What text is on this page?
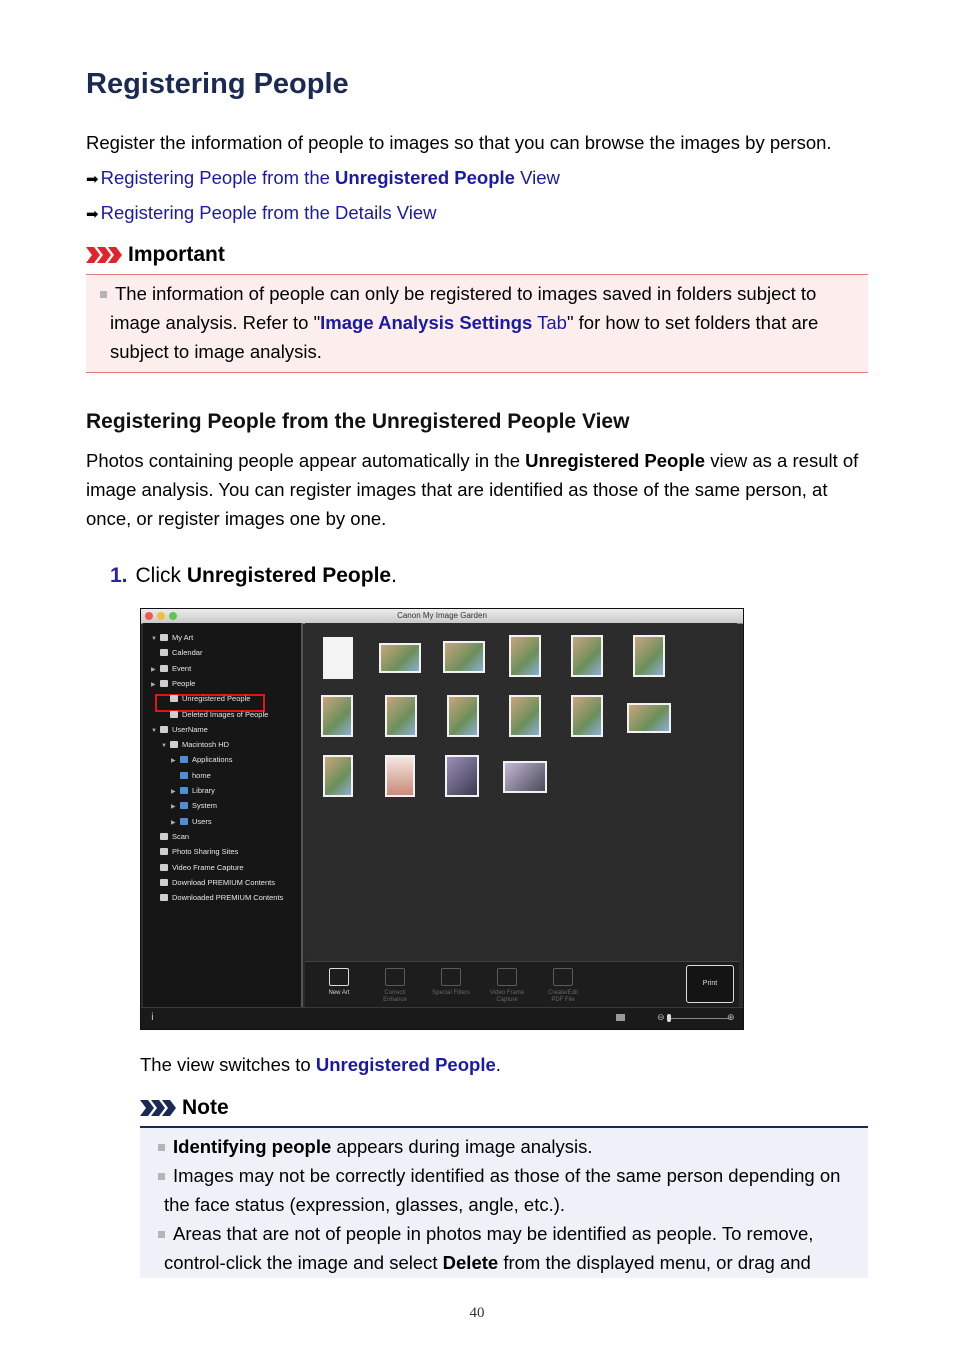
Registering People
Register the information of people to images so that you can browse the images by person.
➡ Registering People from the Unregistered People View
➡ Registering People from the Details View
Important
The information of people can only be registered to images saved in folders subject to image analysis. Refer to "Image Analysis Settings Tab" for how to set folders that are subject to image analysis.
Registering People from the Unregistered People View
Photos containing people appear automatically in the Unregistered People view as a result of image analysis. You can register images that are identified as those of the same person, at once, or register images one by one.
1. Click Unregistered People.
Canon My Image Garden
▼ My Art
Calendar
▶ Event
▶ People
Unregistered People
Deleted Images of People
▼ UserName
▼ Macintosh HD
▶ Applications
home
▶ Library
▶ System
▶ Users
Scan
Photo Sharing Sites
Video Frame Capture
Download PREMIUM Contents
Downloaded PREMIUM Contents
New Art	Correct/ Enhance
Special Filters	Video Frame Capture
Create/Edit PDF File
Print
ⅰ	⊖	⊕
The view switches to Unregistered People.
Note
Identifying people appears during image analysis.
Images may not be correctly identified as those of the same person depending on the face status (expression, glasses, angle, etc.).
Areas that are not of people in photos may be identified as people. To remove, control-click the image and select Delete from the displayed menu, or drag and
40
